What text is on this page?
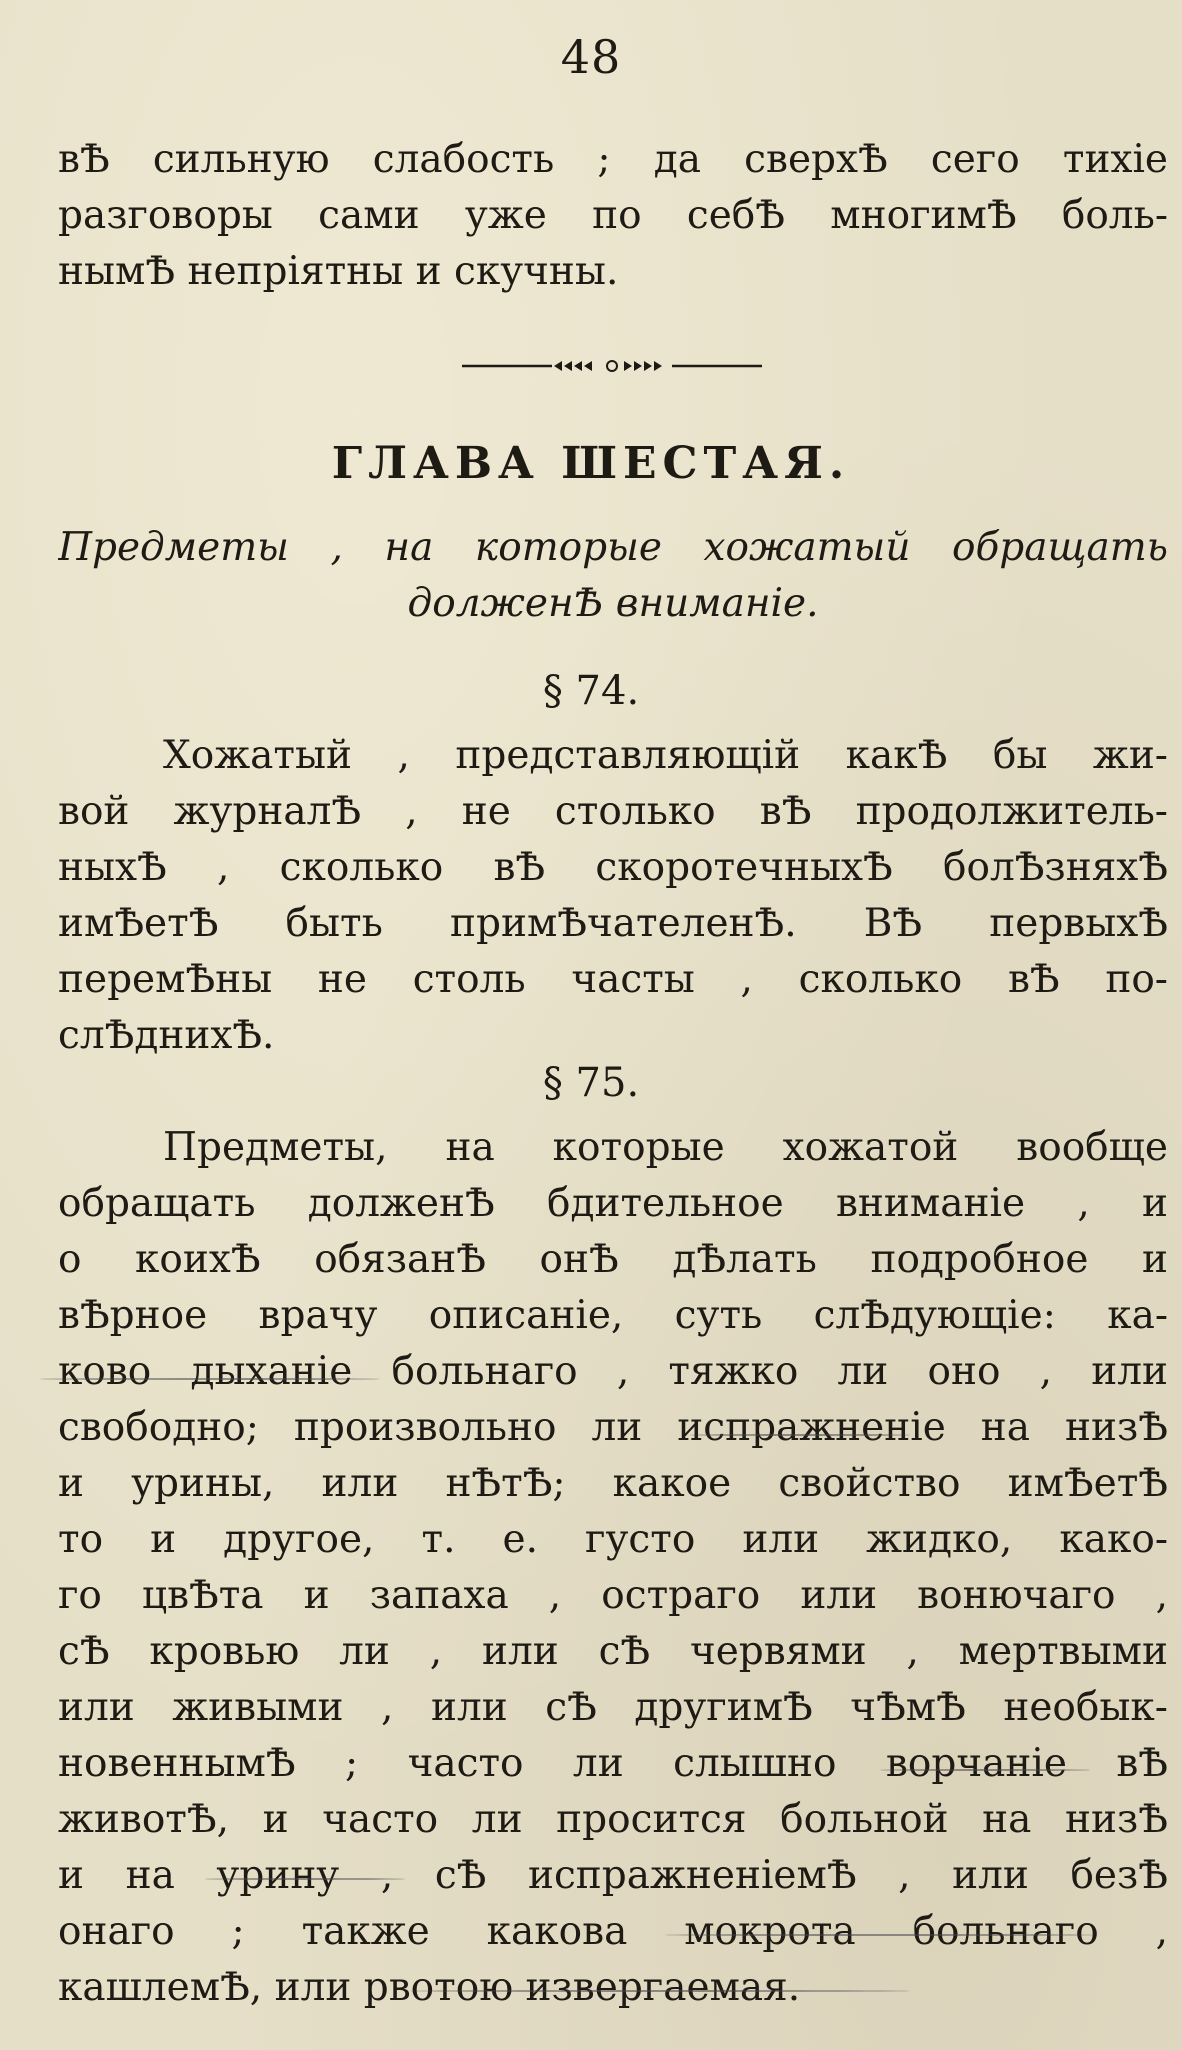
48
вѢ сильную слабость ; да сверхѢ сего тихіе
разговоры сами уже по себѢ многимѢ боль-
нымѢ непріятны и скучны.
ГЛАВА ШЕСТАЯ.
Предметы , на которые хожатый обращать
долженѢ вниманіе.
§ 74.
Хожатый , представляющій какѢ бы жи-
вой журналѢ , не столько вѢ продолжитель-
ныхѢ , сколько вѢ скоротечныхѢ болѢзняхѢ
имѢетѢ быть примѢчателенѢ. ВѢ первыхѢ
перемѢны не столь часты , сколько вѢ по-
слѢднихѢ.
§ 75.
Предметы, на которые хожатой вообще
обращать долженѢ бдительное вниманіе , и
о коихѢ обязанѢ онѢ дѢлать подробное и
вѢрное врачу описаніе, суть слѢдующіе: ка-
ково дыханіе больнаго , тяжко ли оно , или
свободно; произвольно ли испражненіе на низѢ
и урины, или нѢтѢ; какое свойство имѢетѢ
то и другое, т. е. густо или жидко, како-
го цвѢта и запаха , остраго или вонючаго ,
сѢ кровью ли , или сѢ червями , мертвыми
или живыми , или сѢ другимѢ чѢмѢ необык-
новеннымѢ ; часто ли слышно ворчаніе вѢ
животѢ, и часто ли просится больной на низѢ
и на урину , сѢ испражненіемѢ , или безѢ
онаго ; также какова мокрота больнаго ,
кашлемѢ, или рвотою извергаемая.
